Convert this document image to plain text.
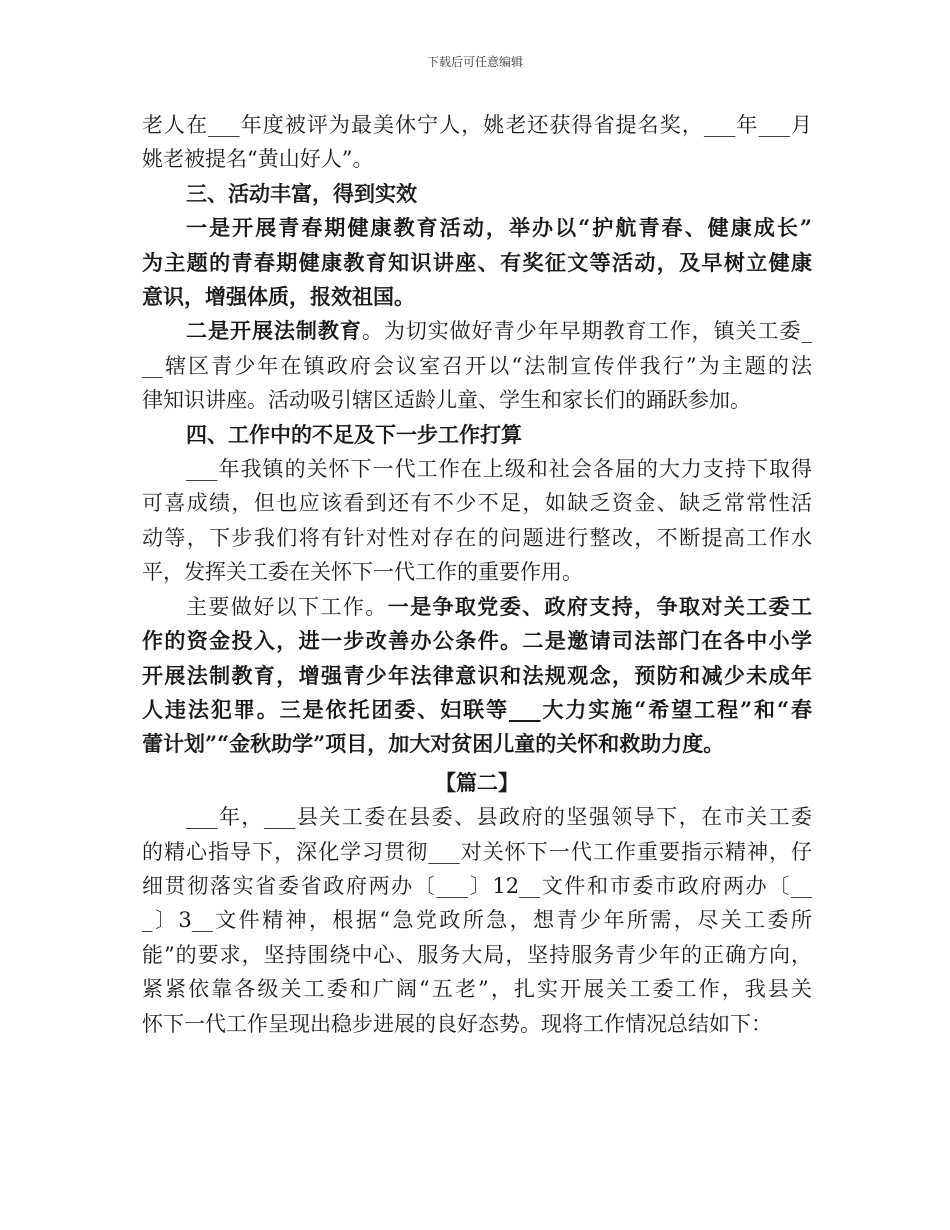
下载后可任意编辑
老人在___年度被评为最美休宁人，姚老还获得省提名奖，___年___月
姚老被提名“黄山好人”。
三、活动丰富，得到实效
一是开展青春期健康教育活动，举办以“护航青春、健康成长”
为主题的青春期健康教育知识讲座、有奖征文等活动，及早树立健康
意识，增强体质，报效祖国。
二是开展法制教育。为切实做好青少年早期教育工作，镇关工委_
__辖区青少年在镇政府会议室召开以“法制宣传伴我行”为主题的法
律知识讲座。活动吸引辖区适龄儿童、学生和家长们的踊跃参加。
四、工作中的不足及下一步工作打算
___年我镇的关怀下一代工作在上级和社会各届的大力支持下取得
可喜成绩，但也应该看到还有不少不足，如缺乏资金、缺乏常常性活
动等，下步我们将有针对性对存在的问题进行整改，不断提高工作水
平，发挥关工委在关怀下一代工作的重要作用。
主要做好以下工作。一是争取党委、政府支持，争取对关工委工
作的资金投入，进一步改善办公条件。二是邀请司法部门在各中小学
开展法制教育，增强青少年法律意识和法规观念，预防和减少未成年
人违法犯罪。三是依托团委、妇联等___大力实施“希望工程”和“春
蕾计划”“金秋助学”项目，加大对贫困儿童的关怀和救助力度。
【篇二】
___年，___县关工委在县委、县政府的坚强领导下，在市关工委
的精心指导下，深化学习贯彻___对关怀下一代工作重要指示精神，仔
细贯彻落实省委省政府两办〔___〕12__文件和市委市政府两办〔__
_〕3__文件精神，根据“急党政所急，想青少年所需，尽关工委所
能”的要求，坚持围绕中心、服务大局，坚持服务青少年的正确方向，
紧紧依靠各级关工委和广阔“五老”，扎实开展关工委工作，我县关
怀下一代工作呈现出稳步进展的良好态势。现将工作情况总结如下：
